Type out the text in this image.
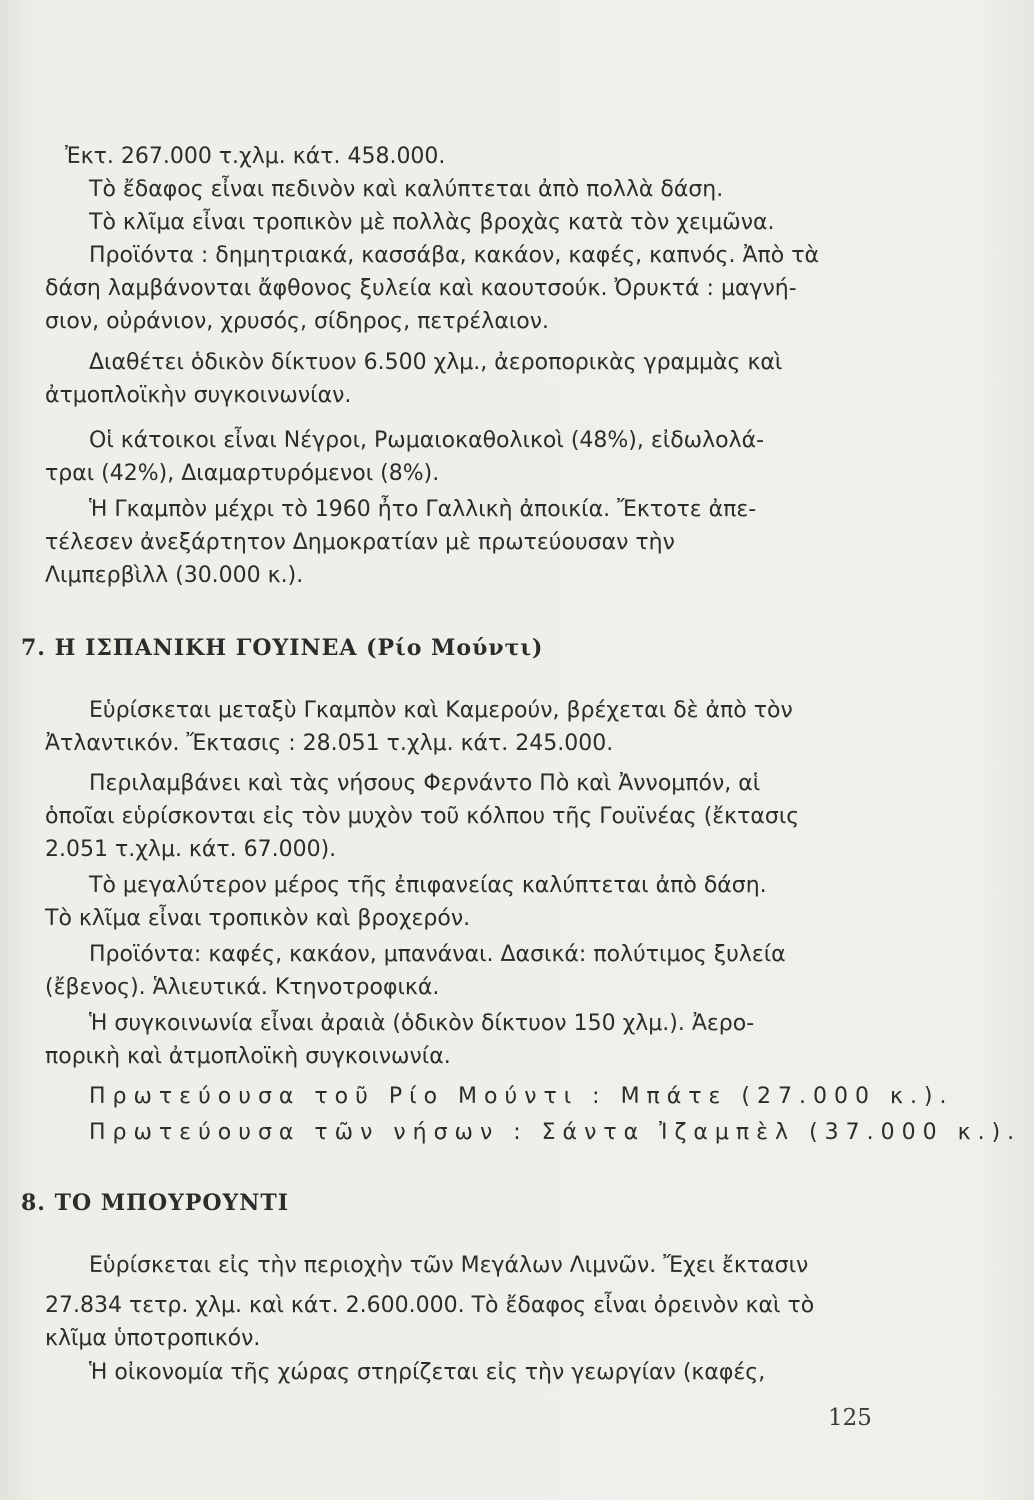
Ἐκτ. 267.000 τ.χλμ. κάτ. 458.000.
Τὸ ἔδαφος εἶναι πεδινὸν καὶ καλύπτεται ἀπὸ πολλὰ δάση.
Τὸ κλῖμα εἶναι τροπικὸν μὲ πολλὰς βροχὰς κατὰ τὸν χειμῶνα.
Προϊόντα : δημητριακά, κασσάβα, κακάον, καφές, καπνός. Ἀπὸ τὰ
δάση λαμβάνονται ἄφθονος ξυλεία καὶ καουτσούκ. Ὀρυκτά : μαγνή-
σιον, οὐράνιον, χρυσός, σίδηρος, πετρέλαιον.
Διαθέτει ὁδικὸν δίκτυον 6.500 χλμ., ἀεροπορικὰς γραμμὰς καὶ
ἀτμοπλοϊκὴν συγκοινωνίαν.
Οἱ κάτοικοι εἶναι Νέγροι, Ρωμαιοκαθολικοὶ (48%), εἰδωλολά-
τραι (42%), Διαμαρτυρόμενοι (8%).
Ἡ Γκαμπὸν μέχρι τὸ 1960 ἦτο Γαλλικὴ ἀποικία. Ἔκτοτε ἀπε-
τέλεσεν ἀνεξάρτητον Δημοκρατίαν μὲ πρωτεύουσαν τὴν
Λιμπερβὶλλ (30.000 κ.).
7. Η ΙΣΠΑΝΙΚΗ ΓΟΥΙΝΕΑ (Ρίο Μούντι)
Εὑρίσκεται μεταξὺ Γκαμπὸν καὶ Καμερούν, βρέχεται δὲ ἀπὸ τὸν
Ἀτλαντικόν. Ἔκτασις : 28.051 τ.χλμ. κάτ. 245.000.
Περιλαμβάνει καὶ τὰς νήσους Φερνάντο Πὸ καὶ Ἀννομπόν, αἱ
ὁποῖαι εὑρίσκονται εἰς τὸν μυχὸν τοῦ κόλπου τῆς Γουϊνέας (ἔκτασις
2.051 τ.χλμ. κάτ. 67.000).
Τὸ μεγαλύτερον μέρος τῆς ἐπιφανείας καλύπτεται ἀπὸ δάση.
Τὸ κλῖμα εἶναι τροπικὸν καὶ βροχερόν.
Προϊόντα: καφές, κακάον, μπανάναι. Δασικά: πολύτιμος ξυλεία
(ἔβενος). Ἁλιευτικά. Κτηνοτροφικά.
Ἡ συγκοινωνία εἶναι ἀραιὰ (ὁδικὸν δίκτυον 150 χλμ.). Ἀερο-
πορικὴ καὶ ἀτμοπλοϊκὴ συγκοινωνία.
Πρωτεύουσα τοῦ Ρίο Μούντι : Μπάτε (27.000 κ.).
Πρωτεύουσα τῶν νήσων : Σάντα Ἰζαμπὲλ (37.000 κ.).
8. ΤΟ ΜΠΟΥΡΟΥΝΤΙ
Εὑρίσκεται εἰς τὴν περιοχὴν τῶν Μεγάλων Λιμνῶν. Ἔχει ἔκτασιν
27.834 τετρ. χλμ. καὶ κάτ. 2.600.000. Τὸ ἔδαφος εἶναι ὀρεινὸν καὶ τὸ
κλῖμα ὑποτροπικόν.
Ἡ οἰκονομία τῆς χώρας στηρίζεται εἰς τὴν γεωργίαν (καφές,
125
